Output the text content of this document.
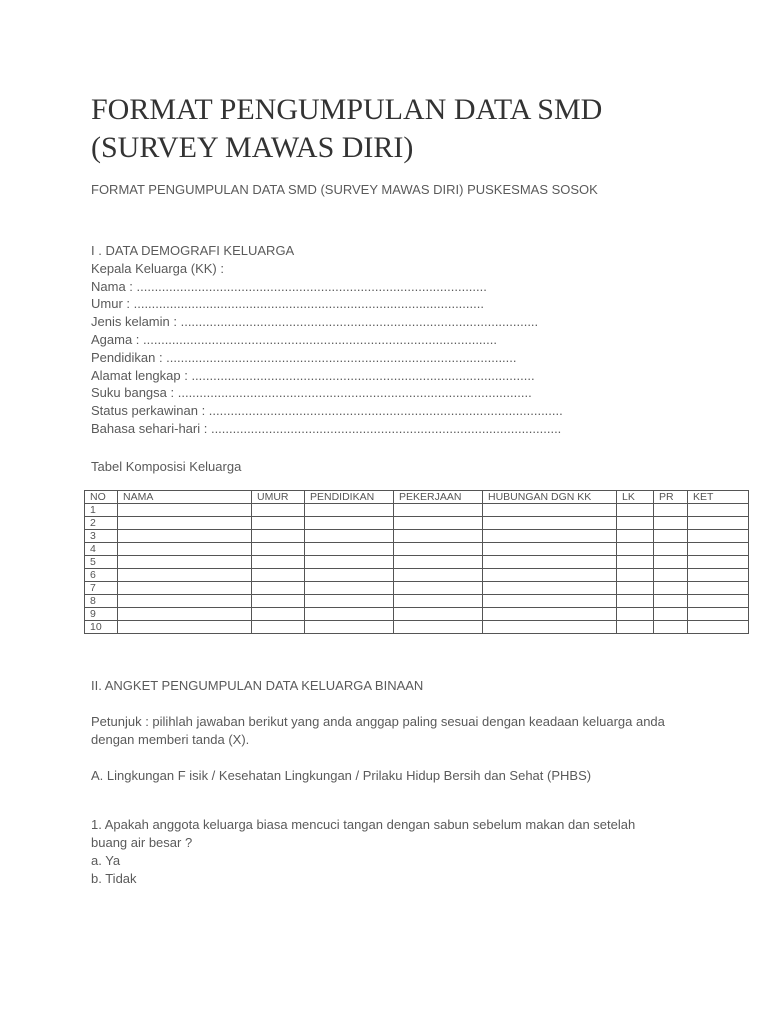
FORMAT PENGUMPULAN DATA SMD
(SURVEY MAWAS DIRI)
FORMAT PENGUMPULAN DATA SMD (SURVEY MAWAS DIRI) PUSKESMAS SOSOK
I . DATA DEMOGRAFI KELUARGA
Kepala Keluarga (KK) :
Nama : .................................................................................................
Umur : .................................................................................................
Jenis kelamin : ...................................................................................................
Agama : ..................................................................................................
Pendidikan : .................................................................................................
Alamat lengkap : ...............................................................................................
Suku bangsa : ..................................................................................................
Status perkawinan : ..................................................................................................
Bahasa sehari-hari : .................................................................................................
Tabel Komposisi Keluarga
NO	NAMA	UMUR	PENDIDIKAN	PEKERJAAN	HUBUNGAN DGN KK	LK	PR	KET
1								
2								
3								
4								
5								
6								
7								
8								
9								
10								
II. ANGKET PENGUMPULAN DATA KELUARGA BINAAN
Petunjuk : pilihlah jawaban berikut yang anda anggap paling sesuai dengan keadaan keluarga anda
dengan memberi tanda (X).
A. Lingkungan F isik / Kesehatan Lingkungan / Prilaku Hidup Bersih dan Sehat (PHBS)
1. Apakah anggota keluarga biasa mencuci tangan dengan sabun sebelum makan dan setelah
buang air besar ?
a. Ya
b. Tidak
